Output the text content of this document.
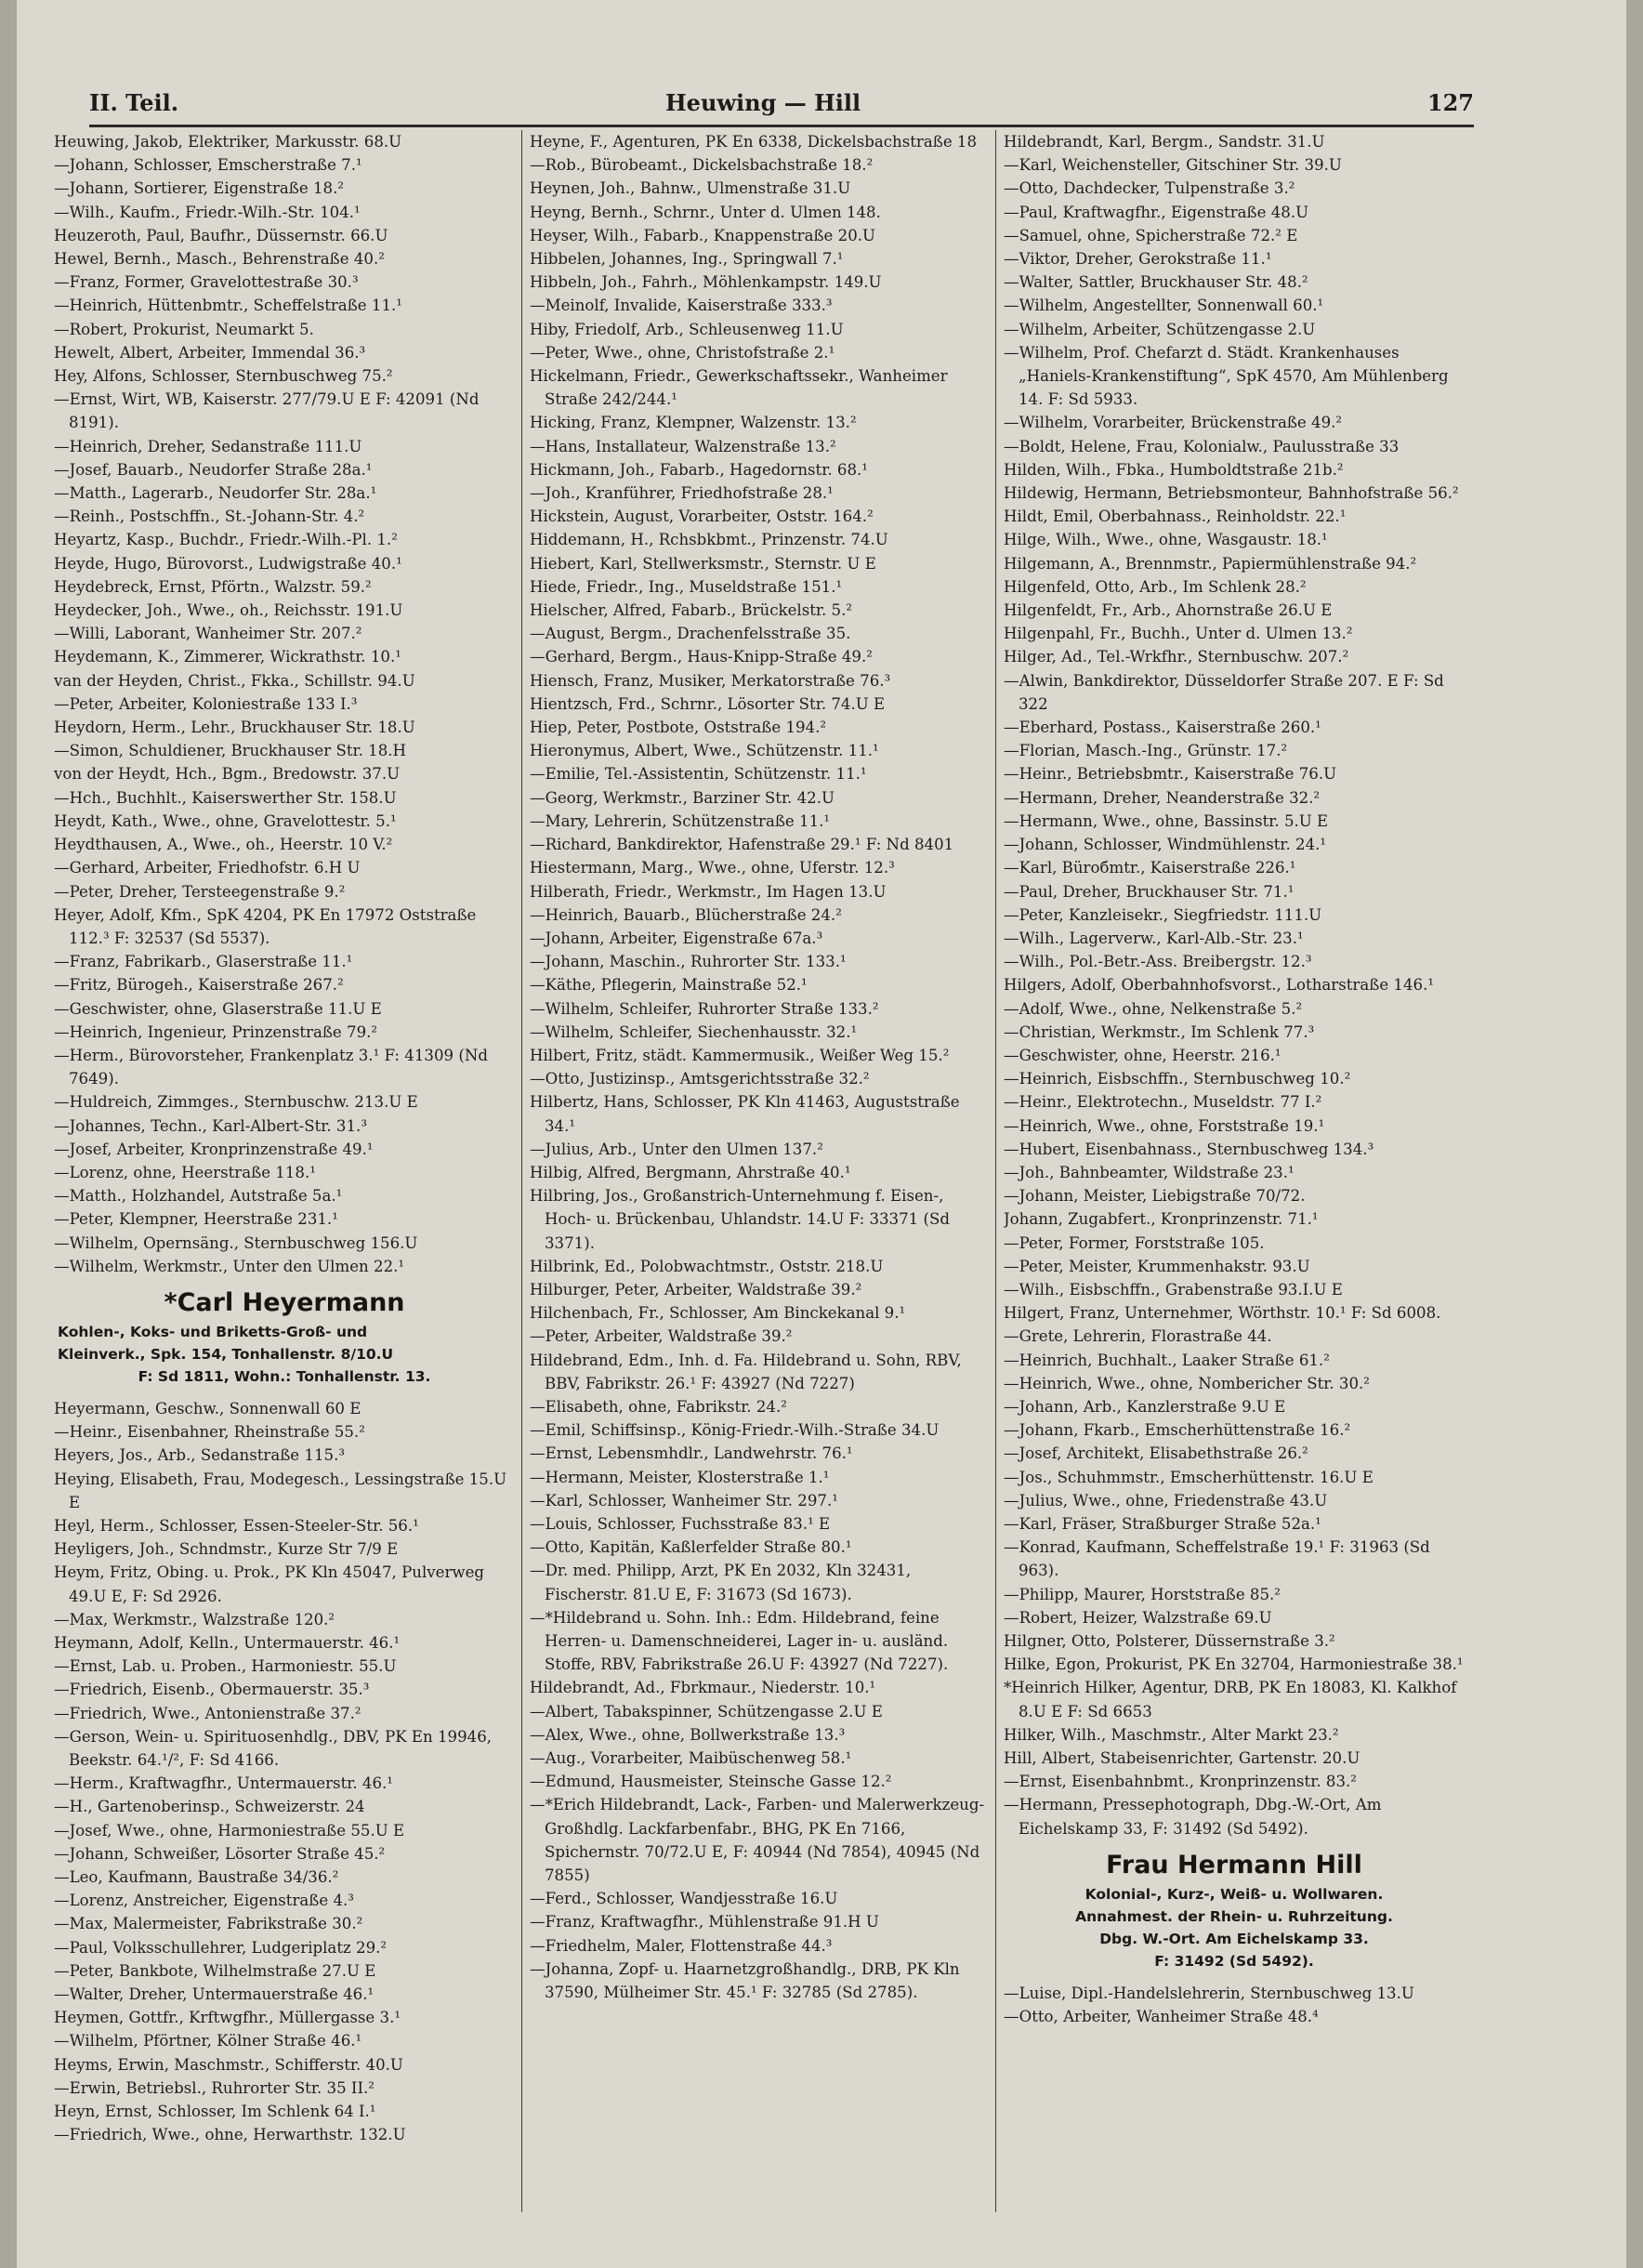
II. Teil.	Heuwing — Hill	127
Heuwing, Jakob, Elektriker, Markusstr. 68.U
—Johann, Schlosser, Emscherstraße 7.¹
—Johann, Sortierer, Eigenstraße 18.²
—Wilh., Kaufm., Friedr.-Wilh.-Str. 104.¹
Heuzeroth, Paul, Baufhr., Düssernstr. 66.U
Hewel, Bernh., Masch., Behrenstraße 40.²
—Franz, Former, Gravelottestraße 30.³
—Heinrich, Hüttenbmtr., Scheffelstraße 11.¹
—Robert, Prokurist, Neumarkt 5.
Hewelt, Albert, Arbeiter, Immendal 36.³
Hey, Alfons, Schlosser, Sternbuschweg 75.²
—Ernst, Wirt, WB, Kaiserstr. 277/79.U E F: 42091 (Nd 8191).
—Heinrich, Dreher, Sedanstraße 111.U
—Josef, Bauarb., Neudorfer Straße 28a.¹
—Matth., Lagerarb., Neudorfer Str. 28a.¹
—Reinh., Postschffn., St.-Johann-Str. 4.²
Heyartz, Kasp., Buchdr., Friedr.-Wilh.-Pl. 1.²
Heyde, Hugo, Bürovorst., Ludwigstraße 40.¹
Heydebreck, Ernst, Pförtn., Walzstr. 59.²
Heydecker, Joh., Wwe., oh., Reichsstr. 191.U
—Willi, Laborant, Wanheimer Str. 207.²
Heydemann, K., Zimmerer, Wickrathstr. 10.¹
van der Heyden, Christ., Fkka., Schillstr. 94.U
—Peter, Arbeiter, Koloniestraße 133 I.³
Heydorn, Herm., Lehr., Bruckhauser Str. 18.U
—Simon, Schuldiener, Bruckhauser Str. 18.H
von der Heydt, Hch., Bgm., Bredowstr. 37.U
—Hch., Buchhlt., Kaiserswerther Str. 158.U
Heydt, Kath., Wwe., ohne, Gravelottestr. 5.¹
Heydthausen, A., Wwe., oh., Heerstr. 10 V.²
—Gerhard, Arbeiter, Friedhofstr. 6.H U
—Peter, Dreher, Tersteegenstraße 9.²
Heyer, Adolf, Kfm., SpK 4204, PK En 17972 Oststraße 112.³ F: 32537 (Sd 5537).
—Franz, Fabrikarb., Glaserstraße 11.¹
—Fritz, Bürogeh., Kaiserstraße 267.²
—Geschwister, ohne, Glaserstraße 11.U E
—Heinrich, Ingenieur, Prinzenstraße 79.²
—Herm., Bürovorsteher, Frankenplatz 3.¹ F: 41309 (Nd 7649).
—Huldreich, Zimmges., Sternbuschw. 213.U E
—Johannes, Techn., Karl-Albert-Str. 31.³
—Josef, Arbeiter, Kronprinzenstraße 49.¹
—Lorenz, ohne, Heerstraße 118.¹
—Matth., Holzhandel, Autstraße 5a.¹
—Peter, Klempner, Heerstraße 231.¹
—Wilhelm, Opernsäng., Sternbuschweg 156.U
—Wilhelm, Werkmstr., Unter den Ulmen 22.¹
*Carl Heyermann
Kohlen-, Koks- und Briketts-Groß- und
Kleinverk., Spk. 154, Tonhallenstr. 8/10.U
F: Sd 1811, Wohn.: Tonhallenstr. 13.
Heyermann, Geschw., Sonnenwall 60 E
—Heinr., Eisenbahner, Rheinstraße 55.²
Heyers, Jos., Arb., Sedanstraße 115.³
Heying, Elisabeth, Frau, Modegesch., Lessingstraße 15.U E
Heyl, Herm., Schlosser, Essen-Steeler-Str. 56.¹
Heyligers, Joh., Schndmstr., Kurze Str 7/9 E
Heym, Fritz, Obing. u. Prok., PK Kln 45047, Pulverweg 49.U E, F: Sd 2926.
—Max, Werkmstr., Walzstraße 120.²
Heymann, Adolf, Kelln., Untermauerstr. 46.¹
—Ernst, Lab. u. Proben., Harmoniestr. 55.U
—Friedrich, Eisenb., Obermauerstr. 35.³
—Friedrich, Wwe., Antonienstraße 37.²
—Gerson, Wein- u. Spirituosenhdlg., DBV, PK En 19946, Beekstr. 64.¹/², F: Sd 4166.
—Herm., Kraftwagfhr., Untermauerstr. 46.¹
—H., Gartenoberinsp., Schweizerstr. 24
—Josef, Wwe., ohne, Harmoniestraße 55.U E
—Johann, Schweißer, Lösorter Straße 45.²
—Leo, Kaufmann, Baustraße 34/36.²
—Lorenz, Anstreicher, Eigenstraße 4.³
—Max, Malermeister, Fabrikstraße 30.²
—Paul, Volksschullehrer, Ludgeriplatz 29.²
—Peter, Bankbote, Wilhelmstraße 27.U E
—Walter, Dreher, Untermauerstraße 46.¹
Heymen, Gottfr., Krftwgfhr., Müllergasse 3.¹
—Wilhelm, Pförtner, Kölner Straße 46.¹
Heyms, Erwin, Maschmstr., Schifferstr. 40.U
—Erwin, Betriebsl., Ruhrorter Str. 35 II.²
Heyn, Ernst, Schlosser, Im Schlenk 64 I.¹
—Friedrich, Wwe., ohne, Herwarthstr. 132.U
Heyne, F., Agenturen, PK En 6338, Dickelsbachstraße 18
—Rob., Bürobeamt., Dickelsbachstraße 18.²
Heynen, Joh., Bahnw., Ulmenstraße 31.U
Heyng, Bernh., Schrnr., Unter d. Ulmen 148.
Heyser, Wilh., Fabarb., Knappenstraße 20.U
Hibbelen, Johannes, Ing., Springwall 7.¹
Hibbeln, Joh., Fahrh., Möhlenkampstr. 149.U
—Meinolf, Invalide, Kaiserstraße 333.³
Hiby, Friedolf, Arb., Schleusenweg 11.U
—Peter, Wwe., ohne, Christofstraße 2.¹
Hickelmann, Friedr., Gewerkschaftssekr., Wanheimer Straße 242/244.¹
Hicking, Franz, Klempner, Walzenstr. 13.²
—Hans, Installateur, Walzenstraße 13.²
Hickmann, Joh., Fabarb., Hagedornstr. 68.¹
—Joh., Kranführer, Friedhofstraße 28.¹
Hickstein, August, Vorarbeiter, Oststr. 164.²
Hiddemann, H., Rchsbkbmt., Prinzenstr. 74.U
Hiebert, Karl, Stellwerksmstr., Sternstr. U E
Hiede, Friedr., Ing., Museldstraße 151.¹
Hielscher, Alfred, Fabarb., Brückelstr. 5.²
—August, Bergm., Drachenfelsstraße 35.
—Gerhard, Bergm., Haus-Knipp-Straße 49.²
Hiensch, Franz, Musiker, Merkatorstraße 76.³
Hientzsch, Frd., Schrnr., Lösorter Str. 74.U E
Hiep, Peter, Postbote, Oststraße 194.²
Hieronymus, Albert, Wwe., Schützenstr. 11.¹
—Emilie, Tel.-Assistentin, Schützenstr. 11.¹
—Georg, Werkmstr., Barziner Str. 42.U
—Mary, Lehrerin, Schützenstraße 11.¹
—Richard, Bankdirektor, Hafenstraße 29.¹ F: Nd 8401
Hiestermann, Marg., Wwe., ohne, Uferstr. 12.³
Hilberath, Friedr., Werkmstr., Im Hagen 13.U
—Heinrich, Bauarb., Blücherstraße 24.²
—Johann, Arbeiter, Eigenstraße 67a.³
—Johann, Maschin., Ruhrorter Str. 133.¹
—Käthe, Pflegerin, Mainstraße 52.¹
—Wilhelm, Schleifer, Ruhrorter Straße 133.²
—Wilhelm, Schleifer, Siechenhausstr. 32.¹
Hilbert, Fritz, städt. Kammermusik., Weißer Weg 15.²
—Otto, Justizinsp., Amtsgerichtsstraße 32.²
Hilbertz, Hans, Schlosser, PK Kln 41463, Auguststraße 34.¹
—Julius, Arb., Unter den Ulmen 137.²
Hilbig, Alfred, Bergmann, Ahrstraße 40.¹
Hilbring, Jos., Großanstrich-Unternehmung f. Eisen-, Hoch- u. Brückenbau, Uhlandstr. 14.U F: 33371 (Sd 3371).
Hilbrink, Ed., Polobwachtmstr., Oststr. 218.U
Hilburger, Peter, Arbeiter, Waldstraße 39.²
Hilchenbach, Fr., Schlosser, Am Binckekanal 9.¹
—Peter, Arbeiter, Waldstraße 39.²
Hildebrand, Edm., Inh. d. Fa. Hildebrand u. Sohn, RBV, BBV, Fabrikstr. 26.¹ F: 43927 (Nd 7227)
—Elisabeth, ohne, Fabrikstr. 24.²
—Emil, Schiffsinsp., König-Friedr.-Wilh.-Straße 34.U
—Ernst, Lebensmhdlr., Landwehrstr. 76.¹
—Hermann, Meister, Klosterstraße 1.¹
—Karl, Schlosser, Wanheimer Str. 297.¹
—Louis, Schlosser, Fuchsstraße 83.¹ E
—Otto, Kapitän, Kaßlerfelder Straße 80.¹
—Dr. med. Philipp, Arzt, PK En 2032, Kln 32431, Fischerstr. 81.U E, F: 31673 (Sd 1673).
—*Hildebrand u. Sohn. Inh.: Edm. Hildebrand, feine Herren- u. Damenschneiderei, Lager in- u. ausländ. Stoffe, RBV, Fabrikstraße 26.U F: 43927 (Nd 7227).
Hildebrandt, Ad., Fbrkmaur., Niederstr. 10.¹
—Albert, Tabakspinner, Schützengasse 2.U E
—Alex, Wwe., ohne, Bollwerkstraße 13.³
—Aug., Vorarbeiter, Maibüschenweg 58.¹
—Edmund, Hausmeister, Steinsche Gasse 12.²
—*Erich Hildebrandt, Lack-, Farben- und Malerwerkzeug-Großhdlg. Lackfarbenfabr., BHG, PK En 7166, Spichernstr. 70/72.U E, F: 40944 (Nd 7854), 40945 (Nd 7855)
—Ferd., Schlosser, Wandjesstraße 16.U
—Franz, Kraftwagfhr., Mühlenstraße 91.H U
—Friedhelm, Maler, Flottenstraße 44.³
—Johanna, Zopf- u. Haarnetzgroßhandlg., DRB, PK Kln 37590, Mülheimer Str. 45.¹ F: 32785 (Sd 2785).
Hildebrandt, Karl, Bergm., Sandstr. 31.U
—Karl, Weichensteller, Gitschiner Str. 39.U
—Otto, Dachdecker, Tulpenstraße 3.²
—Paul, Kraftwagfhr., Eigenstraße 48.U
—Samuel, ohne, Spicherstraße 72.² E
—Viktor, Dreher, Gerokstraße 11.¹
—Walter, Sattler, Bruckhauser Str. 48.²
—Wilhelm, Angestellter, Sonnenwall 60.¹
—Wilhelm, Arbeiter, Schützengasse 2.U
—Wilhelm, Prof. Chefarzt d. Städt. Krankenhauses „Haniels-Krankenstiftung“, SpK 4570, Am Mühlenberg 14. F: Sd 5933.
—Wilhelm, Vorarbeiter, Brückenstraße 49.²
—Boldt, Helene, Frau, Kolonialw., Paulusstraße 33
Hilden, Wilh., Fbka., Humboldtstraße 21b.²
Hildewig, Hermann, Betriebsmonteur, Bahnhofstraße 56.²
Hildt, Emil, Oberbahnass., Reinholdstr. 22.¹
Hilge, Wilh., Wwe., ohne, Wasgaustr. 18.¹
Hilgemann, A., Brennmstr., Papiermühlenstraße 94.²
Hilgenfeld, Otto, Arb., Im Schlenk 28.²
Hilgenfeldt, Fr., Arb., Ahornstraße 26.U E
Hilgenpahl, Fr., Buchh., Unter d. Ulmen 13.²
Hilger, Ad., Tel.-Wrkfhr., Sternbuschw. 207.²
—Alwin, Bankdirektor, Düsseldorfer Straße 207. E F: Sd 322
—Eberhard, Postass., Kaiserstraße 260.¹
—Florian, Masch.-Ing., Grünstr. 17.²
—Heinr., Betriebsbmtr., Kaiserstraße 76.U
—Hermann, Dreher, Neanderstraße 32.²
—Hermann, Wwe., ohne, Bassinstr. 5.U E
—Johann, Schlosser, Windmühlenstr. 24.¹
—Karl, Büroбmtr., Kaiserstraße 226.¹
—Paul, Dreher, Bruckhauser Str. 71.¹
—Peter, Kanzleisekr., Siegfriedstr. 111.U
—Wilh., Lagerverw., Karl-Alb.-Str. 23.¹
—Wilh., Pol.-Betr.-Ass. Breibergstr. 12.³
Hilgers, Adolf, Oberbahnhofsvorst., Lotharstraße 146.¹
—Adolf, Wwe., ohne, Nelkenstraße 5.²
—Christian, Werkmstr., Im Schlenk 77.³
—Geschwister, ohne, Heerstr. 216.¹
—Heinrich, Eisbschffn., Sternbuschweg 10.²
—Heinr., Elektrotechn., Museldstr. 77 I.²
—Heinrich, Wwe., ohne, Forststraße 19.¹
—Hubert, Eisenbahnass., Sternbuschweg 134.³
—Joh., Bahnbeamter, Wildstraße 23.¹
—Johann, Meister, Liebigstraße 70/72.
Johann, Zugabfert., Kronprinzenstr. 71.¹
—Peter, Former, Forststraße 105.
—Peter, Meister, Krummenhakstr. 93.U
—Wilh., Eisbschffn., Grabenstraße 93.I.U E
Hilgert, Franz, Unternehmer, Wörthstr. 10.¹ F: Sd 6008.
—Grete, Lehrerin, Florastraße 44.
—Heinrich, Buchhalt., Laaker Straße 61.²
—Heinrich, Wwe., ohne, Nombericher Str. 30.²
—Johann, Arb., Kanzlerstraße 9.U E
—Johann, Fkarb., Emscherhüttenstraße 16.²
—Josef, Architekt, Elisabethstraße 26.²
—Jos., Schuhmmstr., Emscherhüttenstr. 16.U E
—Julius, Wwe., ohne, Friedenstraße 43.U
—Karl, Fräser, Straßburger Straße 52a.¹
—Konrad, Kaufmann, Scheffelstraße 19.¹ F: 31963 (Sd 963).
—Philipp, Maurer, Horststraße 85.²
—Robert, Heizer, Walzstraße 69.U
Hilgner, Otto, Polsterer, Düssernstraße 3.²
Hilke, Egon, Prokurist, PK En 32704, Harmoniestraße 38.¹
*Heinrich Hilker, Agentur, DRB, PK En 18083, Kl. Kalkhof 8.U E F: Sd 6653
Hilker, Wilh., Maschmstr., Alter Markt 23.²
Hill, Albert, Stabeisenrichter, Gartenstr. 20.U
—Ernst, Eisenbahnbmt., Kronprinzenstr. 83.²
—Hermann, Pressephotograph, Dbg.-W.-Ort, Am Eichelskamp 33, F: 31492 (Sd 5492).
Frau Hermann Hill
Kolonial-, Kurz-, Weiß- u. Wollwaren.
Annahmest. der Rhein- u. Ruhrzeitung.
Dbg. W.-Ort. Am Eichelskamp 33.
F: 31492 (Sd 5492).
—Luise, Dipl.-Handelslehrerin, Sternbuschweg 13.U
—Otto, Arbeiter, Wanheimer Straße 48.⁴
